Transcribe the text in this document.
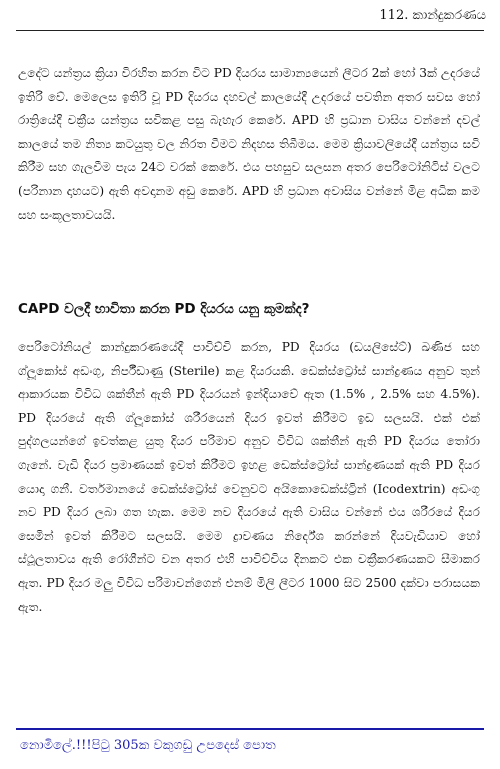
112. කාන්දුකරණය
උදේට යන්ත්‍රය ක්‍රියා විරහිත කරන විට PD දියරය සාමාන්‍යයෙන් ලීටර 2ක් හෝ 3ක් උදරයේ ඉතිරි වේ. මෙලෙස ඉතිරි වූ PD දියරය දහවල් කාලයේදී උදරයේ පවතින අතර සවස හෝ රාත්‍රියේදී චක්‍රීය යන්ත්‍රය සවිකළ පසු බැහැර කෙරේ. APD හි ප්‍රධාන වාසිය වන්නේ දවල් කාලයේ තම නිත්‍ය කටයුතු වල නිරත වීමට නිදහස තිබීමය. මෙම ක්‍රියාවලියේදී යන්ත්‍රය සවි කිරීම සහ ගැලවීම පැය 24ට වරක් කෙරේ. එය පහසුව සලසන අතර පෙරිටෝනිටිස් වලට (පරිනාන දාහයට) ඇති අවදානම අඩු කෙරේ. APD හි ප්‍රධාන අවාසිය වන්නේ මිළ අධික කම සහ සංකූලතාවයයි.
CAPD වලදී භාවිතා කරන PD දියරය යනු කුමක්ද?
පෙරිටෝනියල් කාන්දුකරණයේදී පාවිච්චි කරන, PD දියරය (ඩයලිසේට්) ඛණිජ සහ ග්ලූකෝස් අඩංගු, නිර්පීඩාණු (Sterile) කළ දියරයකි. ඩෙක්ස්ට්‍රෝස් සාන්ද්‍රණය අනුව තුන් ආකාරයක විවිධ ශක්තීන් ඇති PD දියරයන් ඉන්දියාවේ ඇත (1.5% , 2.5% සහ 4.5%). PD දියරයේ ඇති ග්ලූකෝස් ශරීරයෙන් දියර ඉවත් කිරීමට ඉඩ සලසයි. එක් එක් පුද්ගලයන්ගේ ඉවත්කළ යුතු දියර පරිමාව අනුව විවිධ ශක්තීන් ඇති PD දියරය තෝරා ගැනේ. වැඩි දියර ප්‍රමාණයක් ඉවත් කිරීමට ඉහළ ඩෙක්ස්ට්‍රෝස් සාන්ද්‍රණයක් ඇති PD දියර යොදා ගනී. වර්තමානයේ ඩෙක්ස්ට්‍රෝස් වෙනුවට අයිකොඩෙක්ස්ට්‍රින් (Icodextrin) අඩංගු නව PD දියර ලබා ගත හැක. මෙම නව දියරයේ ඇති වාසිය වන්නේ එය ශරීරයේ දියර සෙමින් ඉවත් කිරීමට සලසයි. මෙම ද්‍රාවණය නිර්දේශ කරන්නේ දියවැඩියාව හෝ ස්ථූලතාවය ඇති රෝගීන්ට වන අතර එහි පාවිච්චිය දිනකට එක චක්‍රීකරණයකට සීමාකර ඇත. PD දියර මලු විවිධ පරිමාවන්ගෙන් එනම් මිලි ලීටර 1000 සිට 2500 දක්වා පරාසයක ඇත.
නොමිලේ.!!!පිටු 305ක වකුගඩු උපදෙස් පොත
